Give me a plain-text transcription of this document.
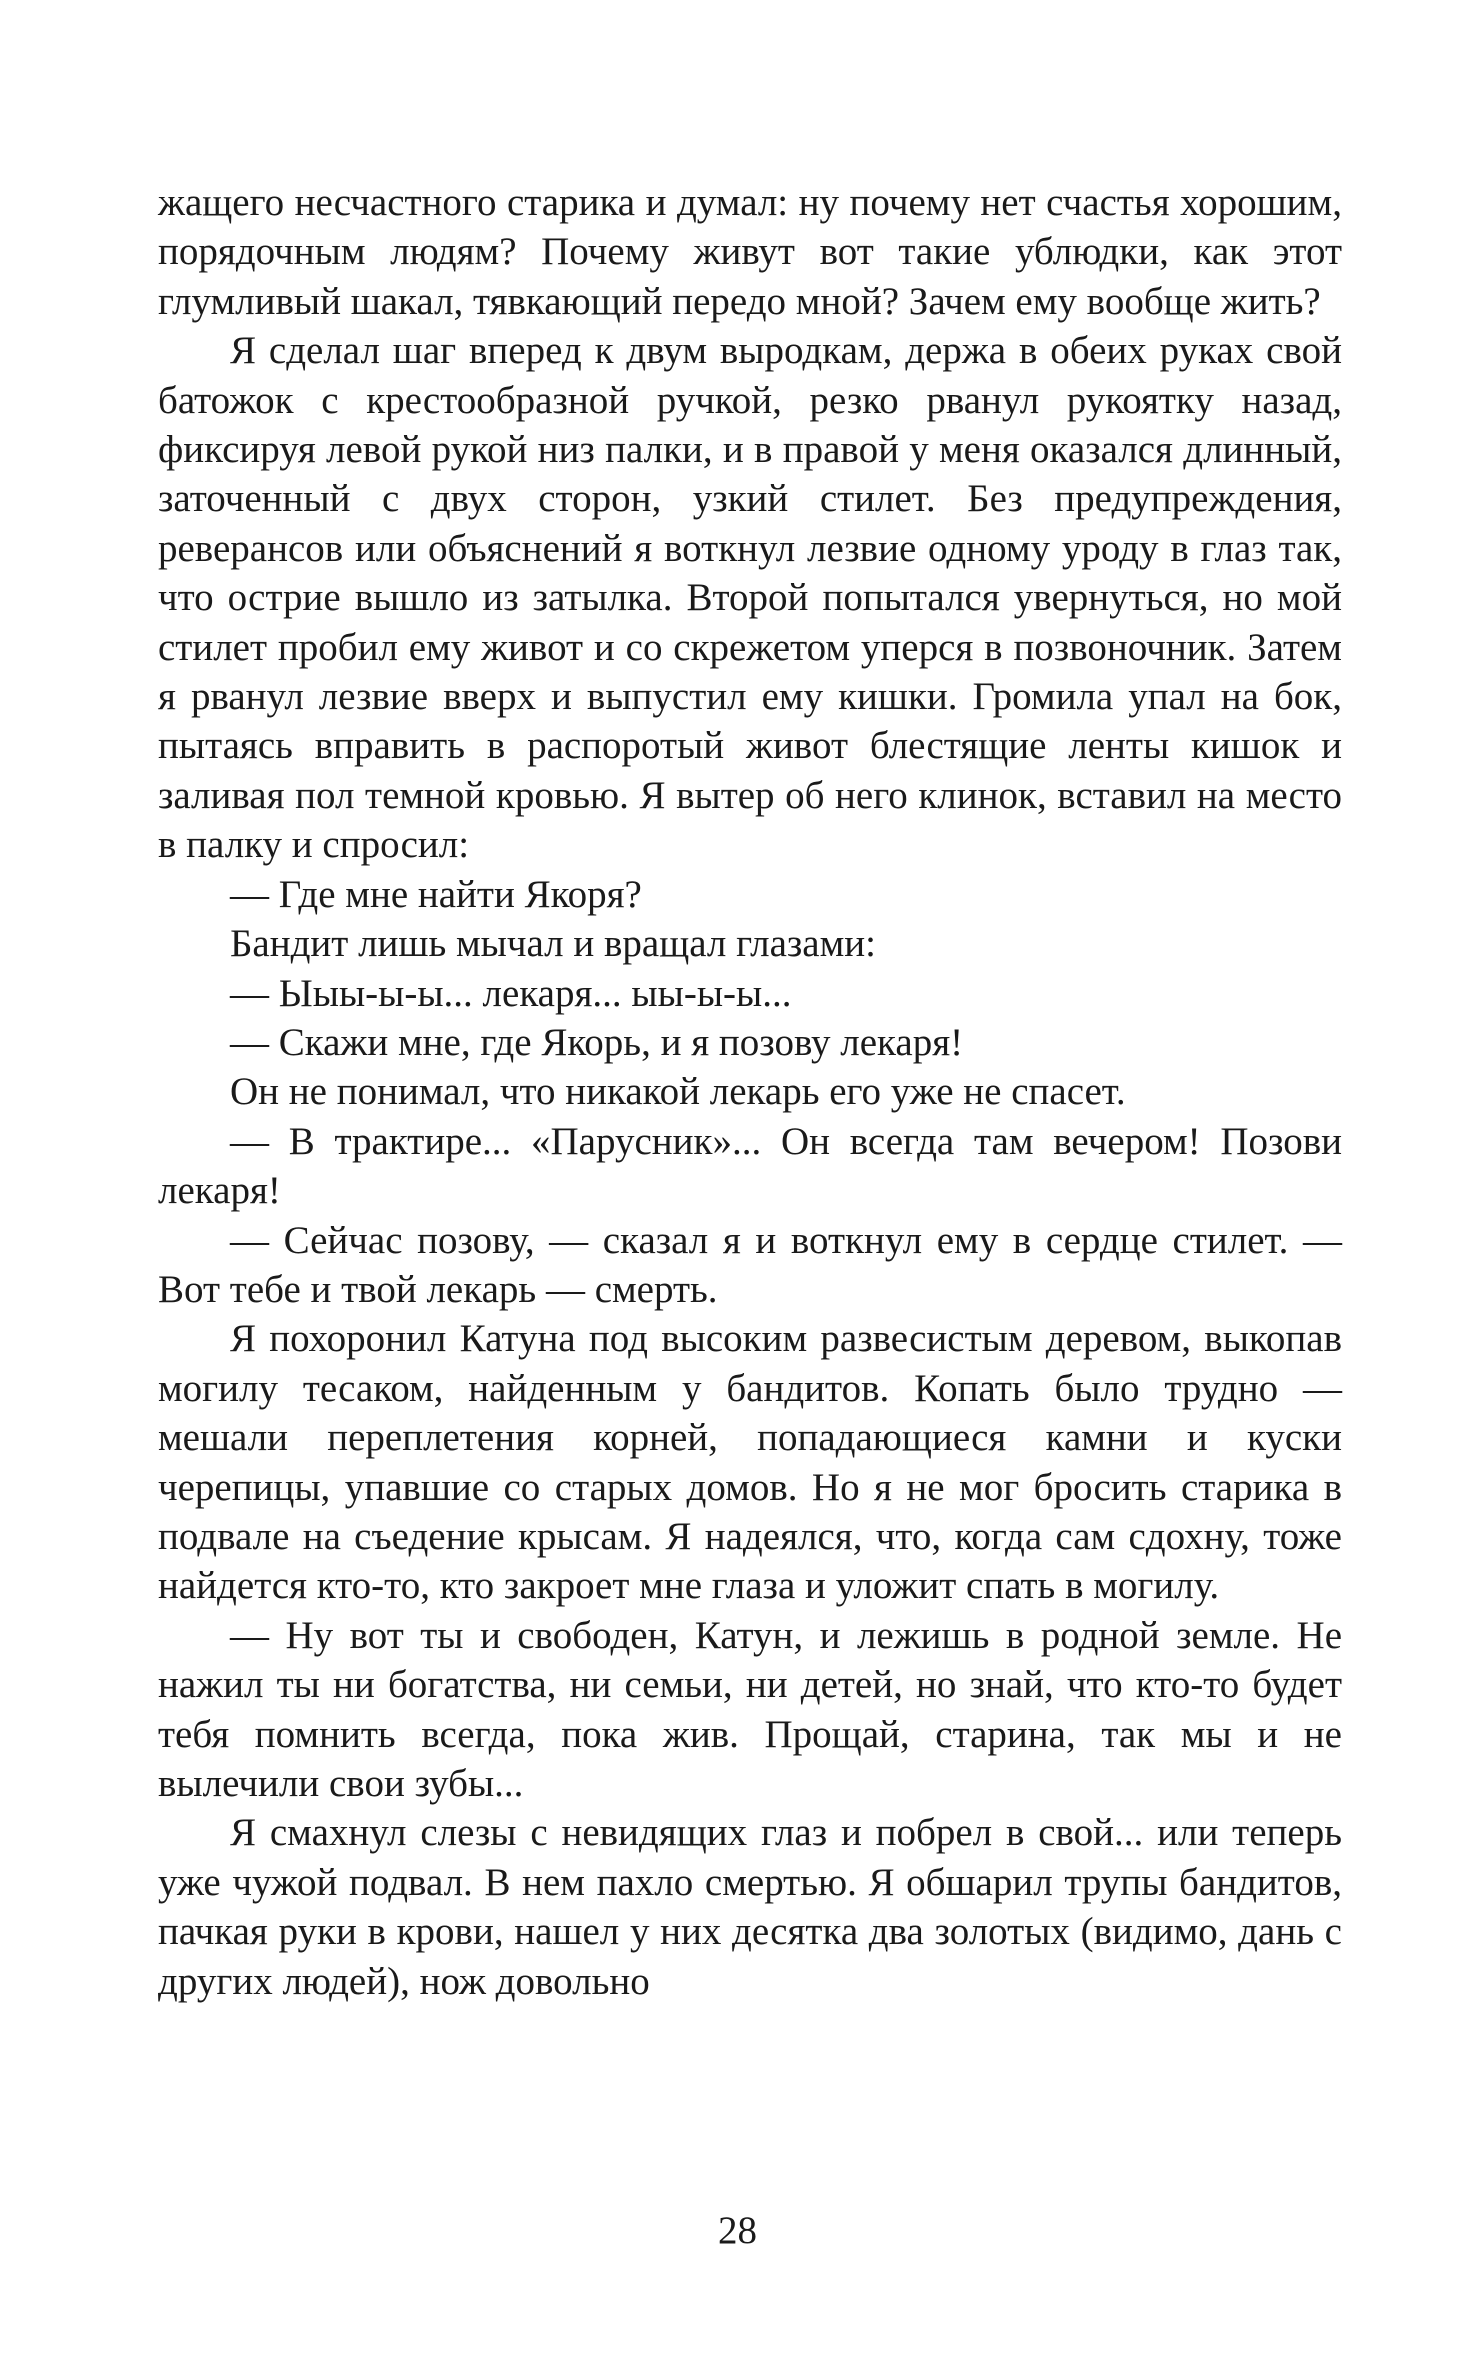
жащего несчастного старика и думал: ну почему нет счастья хорошим, порядочным людям? Почему живут вот такие ублюдки, как этот глумливый шакал, тявкающий передо мной? Зачем ему вообще жить?

Я сделал шаг вперед к двум выродкам, держа в обеих руках свой батожок с крестообразной ручкой, резко рванул рукоятку назад, фиксируя левой рукой низ палки, и в правой у меня оказался длинный, заточенный с двух сторон, узкий стилет. Без предупреждения, реверансов или объяснений я воткнул лезвие одному уроду в глаз так, что острие вышло из затылка. Второй попытался увернуться, но мой стилет пробил ему живот и со скрежетом уперся в позвоночник. Затем я рванул лезвие вверх и выпустил ему кишки. Громила упал на бок, пытаясь вправить в распоротый живот блестящие ленты кишок и заливая пол темной кровью. Я вытер об него клинок, вставил на место в палку и спросил:

— Где мне найти Якоря?

Бандит лишь мычал и вращал глазами:

— Ыыы-ы-ы... лекаря... ыы-ы-ы...

— Скажи мне, где Якорь, и я позову лекаря!

Он не понимал, что никакой лекарь его уже не спасет.

— В трактире... «Парусник»... Он всегда там вечером! Позови лекаря!

— Сейчас позову, — сказал я и воткнул ему в сердце стилет. — Вот тебе и твой лекарь — смерть.

Я похоронил Катуна под высоким развесистым деревом, выкопав могилу тесаком, найденным у бандитов. Копать было трудно — мешали переплетения корней, попадающиеся камни и куски черепицы, упавшие со старых домов. Но я не мог бросить старика в подвале на съедение крысам. Я надеялся, что, когда сам сдохну, тоже найдется кто-то, кто закроет мне глаза и уложит спать в могилу.

— Ну вот ты и свободен, Катун, и лежишь в родной земле. Не нажил ты ни богатства, ни семьи, ни детей, но знай, что кто-то будет тебя помнить всегда, пока жив. Прощай, старина, так мы и не вылечили свои зубы...

Я смахнул слезы с невидящих глаз и побрел в свой... или теперь уже чужой подвал. В нем пахло смертью. Я обшарил трупы бандитов, пачкая руки в крови, нашел у них десятка два золотых (видимо, дань с других людей), нож довольно

28
